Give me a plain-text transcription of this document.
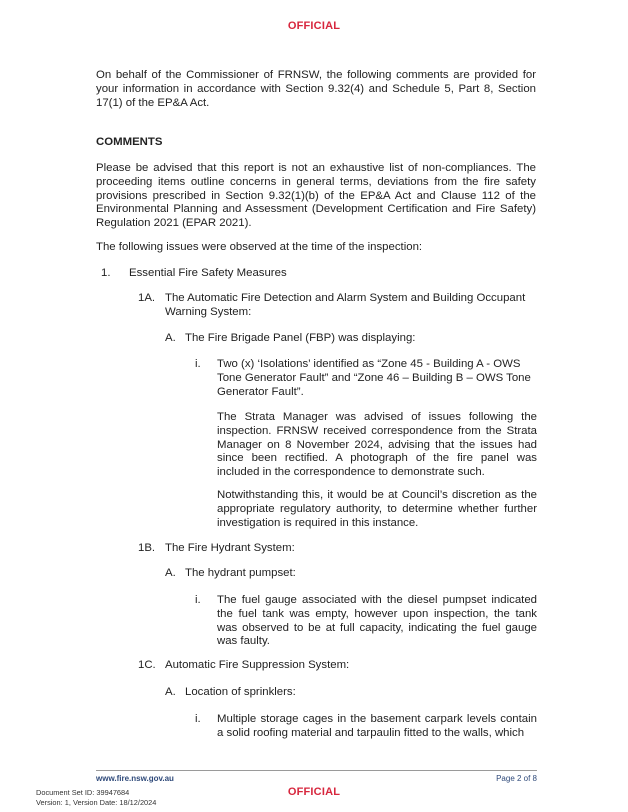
OFFICIAL
On behalf of the Commissioner of FRNSW, the following comments are provided for your information in accordance with Section 9.32(4) and Schedule 5, Part 8, Section 17(1) of the EP&A Act.
COMMENTS
Please be advised that this report is not an exhaustive list of non-compliances. The proceeding items outline concerns in general terms, deviations from the fire safety provisions prescribed in Section 9.32(1)(b) of the EP&A Act and Clause 112 of the Environmental Planning and Assessment (Development Certification and Fire Safety) Regulation 2021 (EPAR 2021).
The following issues were observed at the time of the inspection:
1. Essential Fire Safety Measures
1A. The Automatic Fire Detection and Alarm System and Building Occupant Warning System:
A. The Fire Brigade Panel (FBP) was displaying:
i. Two (x) ‘Isolations’ identified as “Zone 45 - Building A - OWS Tone Generator Fault” and “Zone 46 – Building B – OWS Tone Generator Fault”.
The Strata Manager was advised of issues following the inspection. FRNSW received correspondence from the Strata Manager on 8 November 2024, advising that the issues had since been rectified. A photograph of the fire panel was included in the correspondence to demonstrate such.
Notwithstanding this, it would be at Council’s discretion as the appropriate regulatory authority, to determine whether further investigation is required in this instance.
1B. The Fire Hydrant System:
A. The hydrant pumpset:
i. The fuel gauge associated with the diesel pumpset indicated the fuel tank was empty, however upon inspection, the tank was observed to be at full capacity, indicating the fuel gauge was faulty.
1C. Automatic Fire Suppression System:
A. Location of sprinklers:
i. Multiple storage cages in the basement carpark levels contain a solid roofing material and tarpaulin fitted to the walls, which
www.fire.nsw.gov.au	Page 2 of 8
OFFICIAL
Document Set ID: 39947684
Version: 1, Version Date: 18/12/2024
